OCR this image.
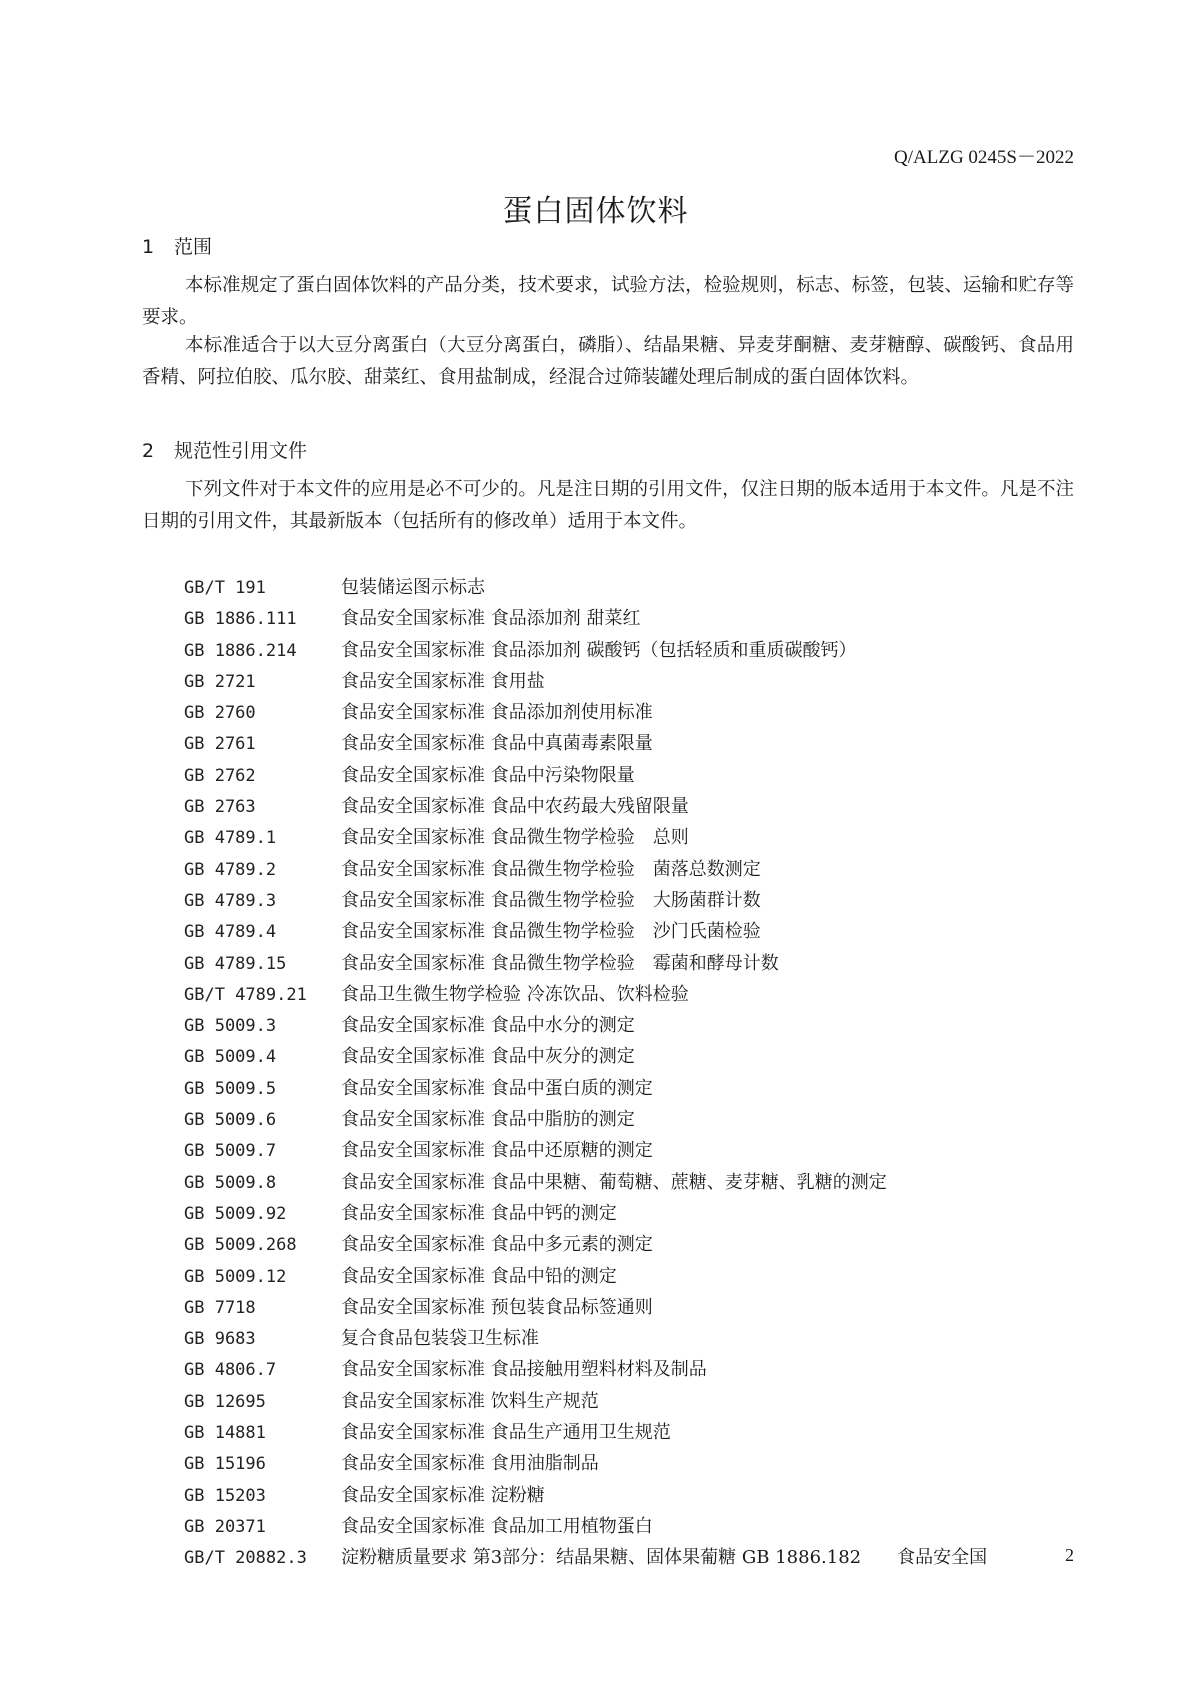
Q/ALZG 0245S－2022
蛋白固体饮料
1 范围
本标准规定了蛋白固体饮料的产品分类，技术要求，试验方法，检验规则，标志、标签，包装、运输和贮存等要求。
本标准适合于以大豆分离蛋白（大豆分离蛋白，磷脂）、结晶果糖、异麦芽酮糖、麦芽糖醇、碳酸钙、食品用香精、阿拉伯胶、瓜尔胶、甜菜红、食用盐制成，经混合过筛装罐处理后制成的蛋白固体饮料。
2 规范性引用文件
下列文件对于本文件的应用是必不可少的。凡是注日期的引用文件，仅注日期的版本适用于本文件。凡是不注日期的引用文件，其最新版本（包括所有的修改单）适用于本文件。
GB/T 191	包装储运图示标志
GB 1886.111 食品安全国家标准 食品添加剂 甜菜红
GB 1886.214 食品安全国家标准 食品添加剂 碳酸钙（包括轻质和重质碳酸钙）
GB 2721	食品安全国家标准 食用盐
GB 2760	食品安全国家标准 食品添加剂使用标准
GB 2761	食品安全国家标准 食品中真菌毒素限量
GB 2762	食品安全国家标准 食品中污染物限量
GB 2763	食品安全国家标准 食品中农药最大残留限量
GB 4789.1	食品安全国家标准 食品微生物学检验　总则
GB 4789.2	食品安全国家标准 食品微生物学检验　菌落总数测定
GB 4789.3	食品安全国家标准 食品微生物学检验　大肠菌群计数
GB 4789.4	食品安全国家标准 食品微生物学检验　沙门氏菌检验
GB 4789.15	食品安全国家标准 食品微生物学检验　霉菌和酵母计数
GB/T 4789.21 食品卫生微生物学检验 冷冻饮品、饮料检验
GB 5009.3	食品安全国家标准 食品中水分的测定
GB 5009.4	食品安全国家标准 食品中灰分的测定
GB 5009.5	食品安全国家标准 食品中蛋白质的测定
GB 5009.6	食品安全国家标准 食品中脂肪的测定
GB 5009.7	食品安全国家标准 食品中还原糖的测定
GB 5009.8	食品安全国家标准 食品中果糖、葡萄糖、蔗糖、麦芽糖、乳糖的测定
GB 5009.92	食品安全国家标准 食品中钙的测定
GB 5009.268 食品安全国家标准 食品中多元素的测定
GB 5009.12	食品安全国家标准 食品中铅的测定
GB 7718	食品安全国家标准 预包装食品标签通则
GB 9683	复合食品包装袋卫生标准
GB 4806.7	食品安全国家标准 食品接触用塑料材料及制品
GB 12695	食品安全国家标准 饮料生产规范
GB 14881	食品安全国家标准 食品生产通用卫生规范
GB 15196	食品安全国家标准 食用油脂制品
GB 15203	食品安全国家标准 淀粉糖
GB 20371	食品安全国家标准 食品加工用植物蛋白
GB/T 20882.3 淀粉糖质量要求 第3部分：结晶果糖、固体果葡糖 GB 1886.182　　食品安全国	2
